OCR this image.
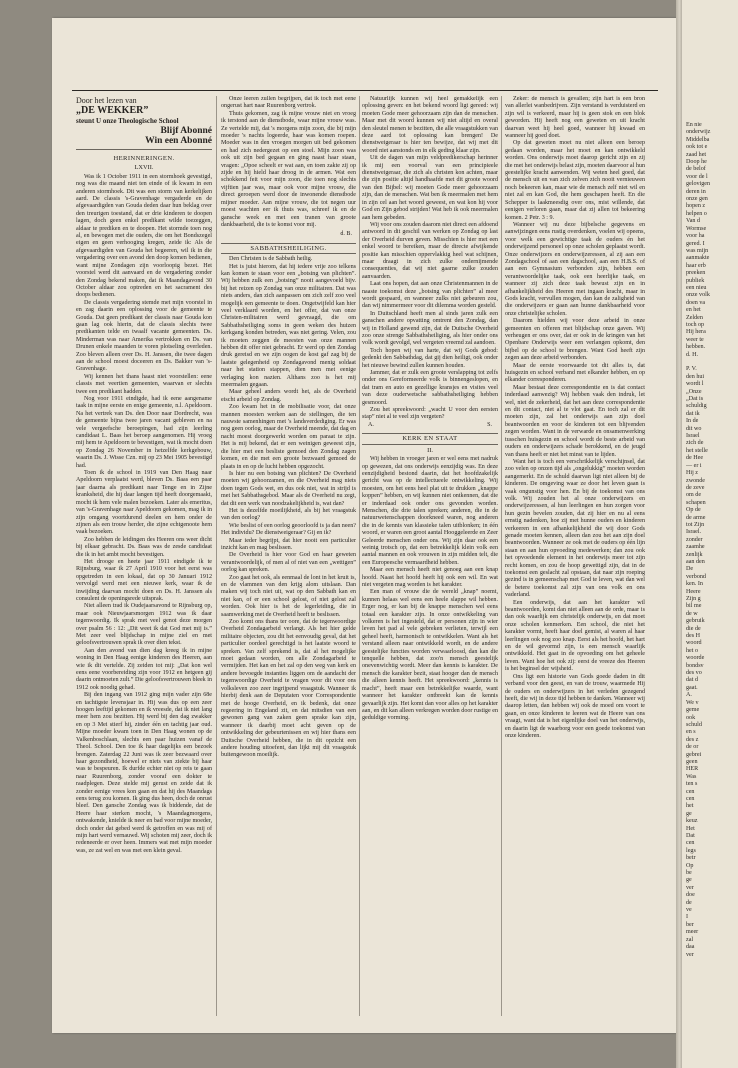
Door het lezen van
„DE WEKKER”
steunt U onze Theologische School
Blijf Abonné
Win een Abonné
HERINNERINGEN.
LXVII.

Was ik 1 October 1911 in een stormhoek gevestigd, nog was die maand niet ten einde of ik kwam in een anderen stormhoek. Dit was een storm van kerkelijken aard. De classis 's-Gravenhage vergaderde en de afgevaardigden van Gouda deden daar hun beklag over den treurigen toestand, dat er drie kinderen te doopen lagen, doch geen enkel predikant wilde toezeggen, aldaar te prediken en te doopen. Het stormde toen nog al, en bewogen met die ouders, die om het Bondszegel eigen en geen verhooging kregen, zeide ik: Als de afgevaardigden van Gouda het begeeren, wil ik in die vergadering over een avond den doop komen bedienen, want mijne Zondagen zijn voorloopig bezet. Het voorstel werd dit aanvaard en de vergadering zonder den Zondag bekend maken, dat ik Maandagavond 30 October aldaar zou optreden en het sacrament des doops bedienen.

De classis vergadering stemde met mijn voorstel in en zag daarin een oplossing voor de gemeente te Gouda. Dat geen predikant der classis naar Gouda kon gaan lag ook hierin, dat de classis slechts twee predikanten telde en twaalf vacante gemeenten. Ds. Minderman was naar Amerika vertrokken en Ds. van Drunen enkele maanden te voren plotseling overleden. Zoo bleven alleen over Ds. H. Janssen, die twee dagen aan de school moest doceeren en Ds. Bakker van 's-Gravenhage.

Wij kennen het thans haast niet voorstellen: eene classis met veertien gemeenten, waarvan er slechts twee een predikant hadden.

Nog voor 1911 eindigde, had ik eene aangename taak in mijne eerste en enige gemeente, n.l. Apeldoorn. Na het vertrek van Ds. den Door naar Dordrecht, was de gemeente bijna twee jaren vacant gebleven en na vele vergeefsche beroepingen, had zijn leerling candidaat L. Baas het beroep aangenomen. Hij vroeg mij hem te Apeldoorn te bevestigen, wat ik mocht doen op Zondag 26 November in hetzelfde kerkgebouw, waarin Ds. J. Wisse Czn. mij op 23 Mei 1905 bevestigd had.

Toen ik de school in 1919 van Den Haag naar Apeldoorn verplaatst werd, bleven Ds. Baas een paar jaar daarna als predikant naar Tenge en in Zijne kranksheid, die hij daar langen tijd heeft doorgemaakt, mocht ik hem vele malen bezoeken. Later als emeritus, van 's-Gravenhage naar Apeldoorn gekomen, mag ik in zijn omgang voortdurend deelen en hem onder de zijnen als een trouw herder, die zijne echtgenoote hem vaak bezoeken.

Zoo hebben de leidingen des Heeren ons weer dicht bij elkaar gebracht. Ds. Baas was de zesde candidaat die ik in het ambt mocht bevestigen.

Het drooge en heete jaar 1911 eindigde ik te Rijnsburg, waar ik 27 April 1910 voor het eerst was opgetreden in een lokaal, dat op 30 Januari 1912 vervolgd werd met een nieuwe kerk, waar ik de inwijding daarvan mocht doen en Ds. H. Janssen als consulent de openingsrede uitsprak.

Niet alleen trad ik Oudejaarsavond te Rijnsburg op, maar ook Nieuwjaarsmorgen 1912 was ik daar tegenwoordig. Ik sprak met veel genot deze morgen over psalm 56 : 12: „Dit weet ik dat God met mij is.” Met zeer veel blijdschap in mijne ziel en met geloofsvertrouwen sprak ik over dien tekst.

Aan den avond van dien dag kreeg ik in mijne woning in Den Haag eenige kinderen des Heeren, aan wie ik dit vertelde. Zij zeiden tot mij: „Dat kon wel eens eene voorbereiding zijn voor 1912 en hetgeen gij daarin ontmoeten zult.” Die geloofsvertrouwen bleek in 1912 ook noodig gehad.

Bij den ingang van 1912 ging mijn vader zijn 68e en tachtigste levensjaar in. Hij was dus op een zeer hoogen leeftijd gekomen en ik vreesde, dat ik niet lang meer hem zou bezitten. Hij werd bij den dag zwakker en op 3 Mei stierf hij, zinder één en tachtig jaar oud. Mijne moeder kwam toen in Den Haag wonen op de Valkenboschlaan, slechts een paar huizen vanaf de Theol. School. Den toe ik haar dagelijks een bezoek brengen. Zaterdag 22 Juni was ik zeer bezwaard over haar gezondheid, hoewel er niets van ziekte bij haar was te bespeuren. Ik durfde echter niet op reis te gaan naar Ruurenborg, zonder vooraf een dokter te raadplegen. Deze stelde mij gerust en zeide dat ik zonder eenige vrees kon gaan en dat hij des Maandags eens terug zou komen. Ik ging dus heen, doch de onrust bleef. Den gansche Zondag was ik biddende, dat de Heere haar sterken mocht, 's Maandagmorgens, ontwakende, knielde ik neer en bad voor mijne moeder, doch onder dat gebed werd ik getroffen en was mij of mijn hart werd vernauwd. Wij schoten mij zeer, doch ik redeneerde er over heen. Immers wat met mijn moeder was, ze zat wel en was met een klein geval.

Onze leeren zullen begrijpen, dat ik toch met eene ongerust hart naar Ruurenborg vertrok.

Thuis gekomen, zag ik mijne vrouw niet en vroeg ik terstond aan de dienstbode, waar mijne vrouw was. Ze vertelde mij, dat 's morgens mijn zoon, die bij mijn moeder 's nachts logeerde, haar was komen roepen. Moeder was in den vroegen morgen uit bed gekomen en had zich nedergezet op een stoel. Mijn zoon was ook uit zijn bed gegaan en ging naast haar staan, vragen: „Opoe scheelt er wat aan, en toen zakte zij op zijde en hij hield haar droog in de armen. Wat een schokkend feit voor mijn zoon, die toen nog slechts vijftien jaar was, maar ook voor mijne vrouw, die direct geroepen werd door de inwonende dienstbode mijner moeder. Aan mijne vrouw, die tot negen uur moest wachten eer ik thuis was, schreef ik en de gansche week en met een tranen van groote dankbaarheid, die is te komst voor mij.

d. B.
SABBATHSHEILIGING.

Den Christen is de Sabbath heilig.

Het is juist hierom, dat hij iedere vrije zoo telkens kan komen te staan voor een „botsing van plichten”. Wij hebben zulk een „botsing” nooit aangevoeld bijv. bij het reizen op Zondag van onze militairen. Dat was niets anders, dan zich aanpassen om zich zelf zoo veel mogelijk een gemeente te doen. Ongetwijfeld kan hier veel verklaard worden, en het offer, dat van onze Christen-militairen werd gevraagd, die om Sabbathsheiliging soms in geen weken des huizen kerkgang konden betreden, was niet gering. Velen, zou ik moeten zeggen de meesten van onze mannen hebben dit offer niet gebracht. Er werd op den Zondag druk gereisd en we zijn oogen de kost gaf zag bij de laatste gelegenheid op Zondagavond menig soldaat naar het station stappen, dien men met eenige verlaging kon nazien. Althans zoo is het mij meermalen gegaan.

Maar geheel anders wordt het, als de Overheid eischt arbeid op Zondag.

Zoo kwam het in de mobilisatie voor, dat onze mannen moesten werken aan de stellingen, die ten nauwste samenhingen met 's landsverdediging. Er was nog geen oorlog, maar de Overheid meende, dat dag en nacht moest doorgewerkt worden om paraat te zijn. Het is mij bekend, dat er een weinigen geweest zijn, die hier met een besliste gemoed den Zondag zagen komen, en die met een groote bezwaard gemoed de plaats in en op de lucht hebben opgezocht.

Is hier nu een botsing van plichten? De Overheid moeten wij gehoorzamen, en die Overheid mag niets doen tegen Gods wet, en dus ook niet, wat in strijd is met het Sabbathsgebod. Maar als de Overheid nu zegt, dat dit een werk van noodzakelijkheid is, wat dan?

Het is dezelfde moeilijkheid, als bij het vraagstuk van den oorlog?

Wie beslist of een oorlog geoorloofd is ja dan neen? Het individu? De dienstweigeraar? Gij en ik?

Maar ieder begrijpt, dat hier nooit een particulier inzicht kan en mag beslissen.

De Overheid is hier voor God en haar geweten verantwoordelijk, of men al of niet van een „wettigen” oorlog kan spreken.

Zoo gaat het ook, als eenmaal de lont in het kruit is, en de vlammen van den krijg alom uitslaan. Dan maken wij toch niet uit, wat op den Sabbath kan en niet kan, of er een school gelost, of niet gelost zal worden. Ook hier is het de legerleiding, die in saamwerking met de Overheid heeft te beslissen.

Zoo komt ons thans ter oore, dat de tegenwoordige Overheid Zondagarbeid verlangt. Als het hier gelde militaire objecten, zou dit het eenvoudig geval, dat het particulier oordeel gerechtigd is het laatste woord te spreken. Van zelf sprekend is, dat al het mogelijke moet gedaan worden, om alle Zondagarbeid te vermijden. Het kan en het zal op den weg van kerk en andere bevoegde instanties liggen om de aandacht der tegenwoordige Overheid te vragen voor dit voor ons volksleven zoo zeer ingrijpend vraagstuk. Wanneer ik hierbij denk aan de Deputaten voor Correspondentie met de hooge Overheid, en ik bedenk, dat onze regeering in Engeland zit, en dat mitsdien van een gewonen gang van zaken geen sprake kan zijn, wanneer ik daarbij moet acht geven op de ontwikkeling der gebeurtenissen en wij hier thans een Duitsche Overheid hebben, die in dit opzicht een andere houding uitoefent, dan lijkt mij dit vraagstuk buitengewoon moeilijk.

Natuurlijk kunnen wij heel gemakkelijk een oplossing geven: en het bekend woord ligt gereed: wij moeten Gode meer gehoorzaam zijn dan de menschen. Maar met dit woord kunnen wij niet altijd en overal den sleutel menen te bezitten, die alle vraagstukken van deze aard tot oplossing kan brengen! De dienstweigeraar is hier ten bewijze, dat wij met dit woord niet aanstonds en in elk geding klaar zijn.

Uit de dagen van mijn veldpredikerschap herinner ik mij een voorval van een principieele dienstweigeraar, die zich als christen kon achten, maar die zijn positie altijd handhaafde met dit groote woord van den Bijbel: wij moeten Gode meer gehoorzaam zijn, dan de menschen. Wat ben ik meermalen met hem in zijn cel aan het woord geweest, en wat kon hij voor God en Zijn gebod strijden! Wat heb ik ook meermalen aan hem gebeden.

Wij voor ons zouden daarom niet direct een afdoend antwoord in dit geschil van werken op Zondag op last der Overheid durven geven. Misschien is hier met een enkel woord te bereiken, maar de directe afwijkende positie kan misschien oppervlakkig heel wat schijnen, maar draagt in zich zulke ondernijmende consequenties, dat wij niet gaarne zulke zouden aanvaarden.

Laat ons hopen, dat aan onze Christenmannen in de naaste toekomst deze „botsing van plichten” al meer wordt gespaard, en wanneer zulks niet gebeuren zou, dan wij nimmermeer voor dit dilemma worden gesteld.

In Duitschland heeft men al sinds jaren zulk een ganschen andere opvatting omtrent den Zondag, dan wij in Holland gewend zijn, dat de Duitsche Overheid zoo onze strenge Sabbathsheiliging, als hier onder ons volk wordt gevolgd, wel vergeten vreemd zal aandoen.

Toch hopen wij van harte, dat wij Gods gebod: gedenkt den Sabbathdag, dat gij dien heiligt, ook onder het nieuwe bewind zullen kunnen houden.

Jammer, dat er zulk een groote verslapping tot zelfs onder ons Gereformeerde volk is binnengeslopen, en dat tram en auto en gezellige kransjes en visites veel van deze ouderwetsche sabbathsheiliging hebben gesmoord.

Zou het spreekwoord: „wacht U voor den eersten stap” niet al te veel zijn vergeten?

A.	S.
KERK EN STAAT
II.

Wij hebben in vroeger jaren er wel eens met nadruk op gewezen, dat ons onderwijs eenzijdig was. En deze eenzijdigheid bestond daarin, dat het hoofdzakelijk gericht was op de intellectueele ontwikkeling. Wij moesten, om het eens heel plat uit te drukken „knappe koppen” hebben, en wij kunnen niet ontkennen, dat die er inderdaad ook onder ons gevonden worden. Menschen, die drie talen spreken; anderen, die in de natuurwetenschappen doorkneed waren, nog anderen die in de kennis van klassieke talen uitblonken; in één woord, er waren een groot aantal Hooggeleerde en Zeer Geleerde menschen onder ons. Wij zijn daar ook een weinig trotsch op, dat een betrekkelijk klein volk een aantal mannen en ook vrouwen in zijn midden telt, die een Europeesche vermaardheid hebben.

Maar een mensch heeft niet genoeg aan een knap hoofd. Naast het hoofd heeft hij ook een wil. En wat niet vergeten mag worden is het karakter.

Een man of vrouw die de wereld „knap” noemt, kunnen helaas wel eens een heele slappe wil hebben. Erger nog, er kan bij de knappe menschen wel eens totaal een karakter zijn. In onze ontwikkeling van volkeren is het ingesteld, dat er personen zijn in wier leven het pad al vele gebreken verlieten, terwijl een geheel heeft, harmonisch te ontwikkelen. Want als het verstand alleen naar ontwikkeld wordt, en de andere geestelijke functies worden verwaarloosd, dan kan die tenquelle hebben, dat zoo'n mensch geestelijk onevenwichtig wordt. Meer dan kennis is karakter. De mensch die karakter bezit, staat hooger dan de mensch die alleen kennis heeft. Het spreekwoord: „kennis is macht”, heeft maar een betrekkelijke waarde, want wanneer het karakter ontbreekt kan de kennis gevaarlijk zijn. Het komt dan voor alles op het karakter aan, en dit kan alleen verkregen worden door rustige en geduldige vorming.

Zeker: de mensch is gevallen; zijn hart is een bron van allerlei wanbedrijven. Zijn verstand is verduisterd en zijn wil is verkeerd, maar hij is geen stok en een blok geworden. Hij heeft nog een geweten en uit kracht daarvan weet hij heel goed, wanneer hij kwaad en wanneer hij goed doet.

Op dat geweten moet nu niet alleen een beroep gedaan worden, maar het moet en kan ontwikkeld worden. Ons onderwijs moet daarop gericht zijn en zij die met het onderwijs belast zijn, moeten daarvoor al hun geestelijke kracht aanwenden. Wij weten heel goed, dat de mensch uit en van zich zelven zich nooit vernieuwen noch bekeeren kan, maar wie de mensch zelf niet wil en niet zal en kan God, die hem geschapen heeft. En die Schepper is laakmeesdig over ons, mist willende, dat eenigen verloren gaan, maar dat zij allen tot bekeering komen. 2 Petr. 3 : 9.

Wanneer wij nu deze bijbelsche gegevens en aanwijzingen eens rustig overdenken, voelen wij opeens, voor welk een gewichtige taak de ouders én het onderwijzend personeel op onze scholen geplaatst wordt. Onze onderwijzers en onderwijzeressen, al zij aan een Zondagschool of aan een dagschool, aan een H.B.S. of aan een Gymnasium verbonden zijn, hebben een verantwoordelijke taak, ook een heerlijke taak, en wanneer zij zich deze taak bewust zijn en in afhankelijkheid des Heeren met ingaan kracht, maar in Gods kracht, vervullen mogen, dan kan de zaligheid van die onderwijzers er gaan aan hunne dankbaarheid voor onze christelijke scholen.

Daarom hielden wij voor deze arbeid in onze gemeenten en offeren met blijdschap onze gaven. Wij verheugen er ons over, dat er ook in de kringen van het Openbare Onderwijs weer een verlangen opkomt, den bijbel op de school te brengen. Want God heeft zijn zegen aan deze arbeid verbonden.

Maar de eerste voorwaarde tot dit alles is, dat huisgezin en school verband met elkander hebben, en op elkander corresponderen.

Maar bestaat deze correspondentie en is dat contact inderdaad aanwezig? Wij hebben vaak den indruk, let wel, niet de zekerheid, dat het aan deze correspondentie en dit contact, niet al te vlot gaat. En toch zal er dit moeten zijn, zal het onderwijs aan zijn doel beantwoorden en voor de kinderen tot een blijvenden zegen worden. Want in de verwarde en onsamenwerking tusschen huisgezin en school wordt de beste arbeid van ouders en onderwijzers schade berokkend, en de jeugd van thans heeft er niet het minst van te lijden.

Want het is toch een verschrikkelijk verschijnsel, dat zoo velen op onzen tijd als „ongelukkig” moeten worden aangemerkt. En de schuld daarvan ligt niet alleen bij de kinderen. De omgeving waar ze door het leven gaan is vaak ongunstig voor hen. En bij de toekomst van ons volk. Wij zouden het al onze onderwijzers en onderwijzeressen, al hun leerlingen en hun zorgen voor hun gezin bevelen zouden, dat zij hier en nu al eens ernstig nadenken, hoe zij met hunne ouders en kinderen verkeeren in een afhankelijkheid die wij door Gods genade moeten kennen, alleen dan zou het aan zijn doel beantwoorden. Wanneer ze ook met de ouders op één lijn staan en aan hun opvoeding medewerken; dan zou ook het opvoedende element in het onderwijs meer tot zijn recht komen, en zou de hoop gewettigd zijn, dat in de toekomst een geslacht zal opstaan, dat naar zijn roeping gezind is in gemeenschap met God te leven, wat dan wel de betere toekomst zal zijn van ons volk en ons vaderland.

Een onderwijs, dat aan het karakter wil beantwoorden, komt dan niet alleen aan de orde, maar is dan ook waarlijk een christelijk onderwijs, en dat moet onze scholen kenmerken. Een school, die niet het karakter vormt, heeft haar doel gemist, al waren al haar leerlingen ook nog zoo knap. Eerst als het hoofd, het hart en de wil gevormd zijn, is een mensch waarlijk ontwikkeld. Het gaat in de opvoeding om het geheele leven. Want hoe het ook zij: eerst de vreeze des Heeren is het beginsel der wijsheid.

Ons ligt een historie van Gods goede daden in dit verband voor den geest, en van de trouw, waarmede Hij de ouders en onderwijzers in het verleden gezegend heeft, die wij in deze tijd hebben te danken. Wanneer wij daarop letten, dan hebben wij ook de moed om voort te gaan, en onze kinderen te leeren wat de Heere van ons vraagt, want dat is het eigenlijke doel van het onderwijs, en daarin ligt de waarborg voor een goede toekomst van onze kinderen.

En nie
onderwijz
Middelba
ook tot e
zaad het
Doop he
de belof
voor de l
gelovigen
deren in
onze gen
hopen z
helpen o
Van d
Wormse
voor ha
gered. I
was mijn
aanmakte
haar erb
preeken
publiek
een nieu
onze volk
doen va
en het
Zelden
toch op
Hij hera
weer te
hebben.
d. H.

P. V.
den hui
wordt l
„Onze
„Dat is
schuldig
dat ik
In de
dit wo
Israel
zich de
het stelle
de Hee
— er i
Hij z
zwonde
de zeve
om de
schapen
Op de
de arme
tot Zijn
Israel.
zonder
zaamhe
zenlijk
aan den
De
verbond
ken. In
Heere
Zijn g
bil me
de w
gebruik
die de
des H
woord
het o
woorde
bondsv
des vo
dat d
gaat.
A.
We v
geme
ook
schuld
en s
des z
de or
gebrei
geen
HER
Was
ten s
cen
cen
het
ge
keuz
Het
Dat
cen
legs
betr
Op
be
ge
ver
doe
de
ve
I
ber
meer
zal
daa
ver
